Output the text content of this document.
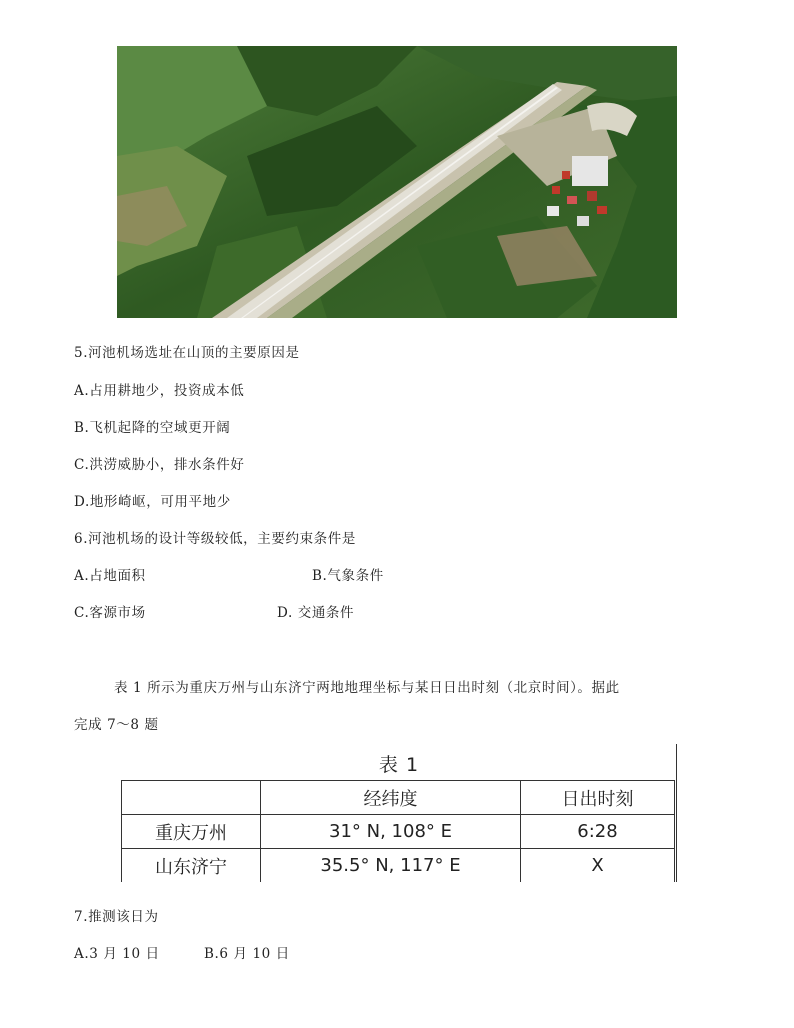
5.河池机场选址在山顶的主要原因是
A.占用耕地少，投资成本低
B.飞机起降的空域更开阔
C.洪涝威胁小，排水条件好
D.地形崎岖，可用平地少
6.河池机场的设计等级较低，主要约束条件是
A.占地面积	B.气象条件
C.客源市场	D. 交通条件
表 1 所示为重庆万州与山东济宁两地地理坐标与某日日出时刻（北京时间）。据此
完成 7～8 题
表 1
	经纬度	日出时刻
重庆万州	31° N, 108° E	6:28
山东济宁	35.5° N, 117° E	X
7.推测该日为
A.3 月 10 日	B.6 月 10 日
